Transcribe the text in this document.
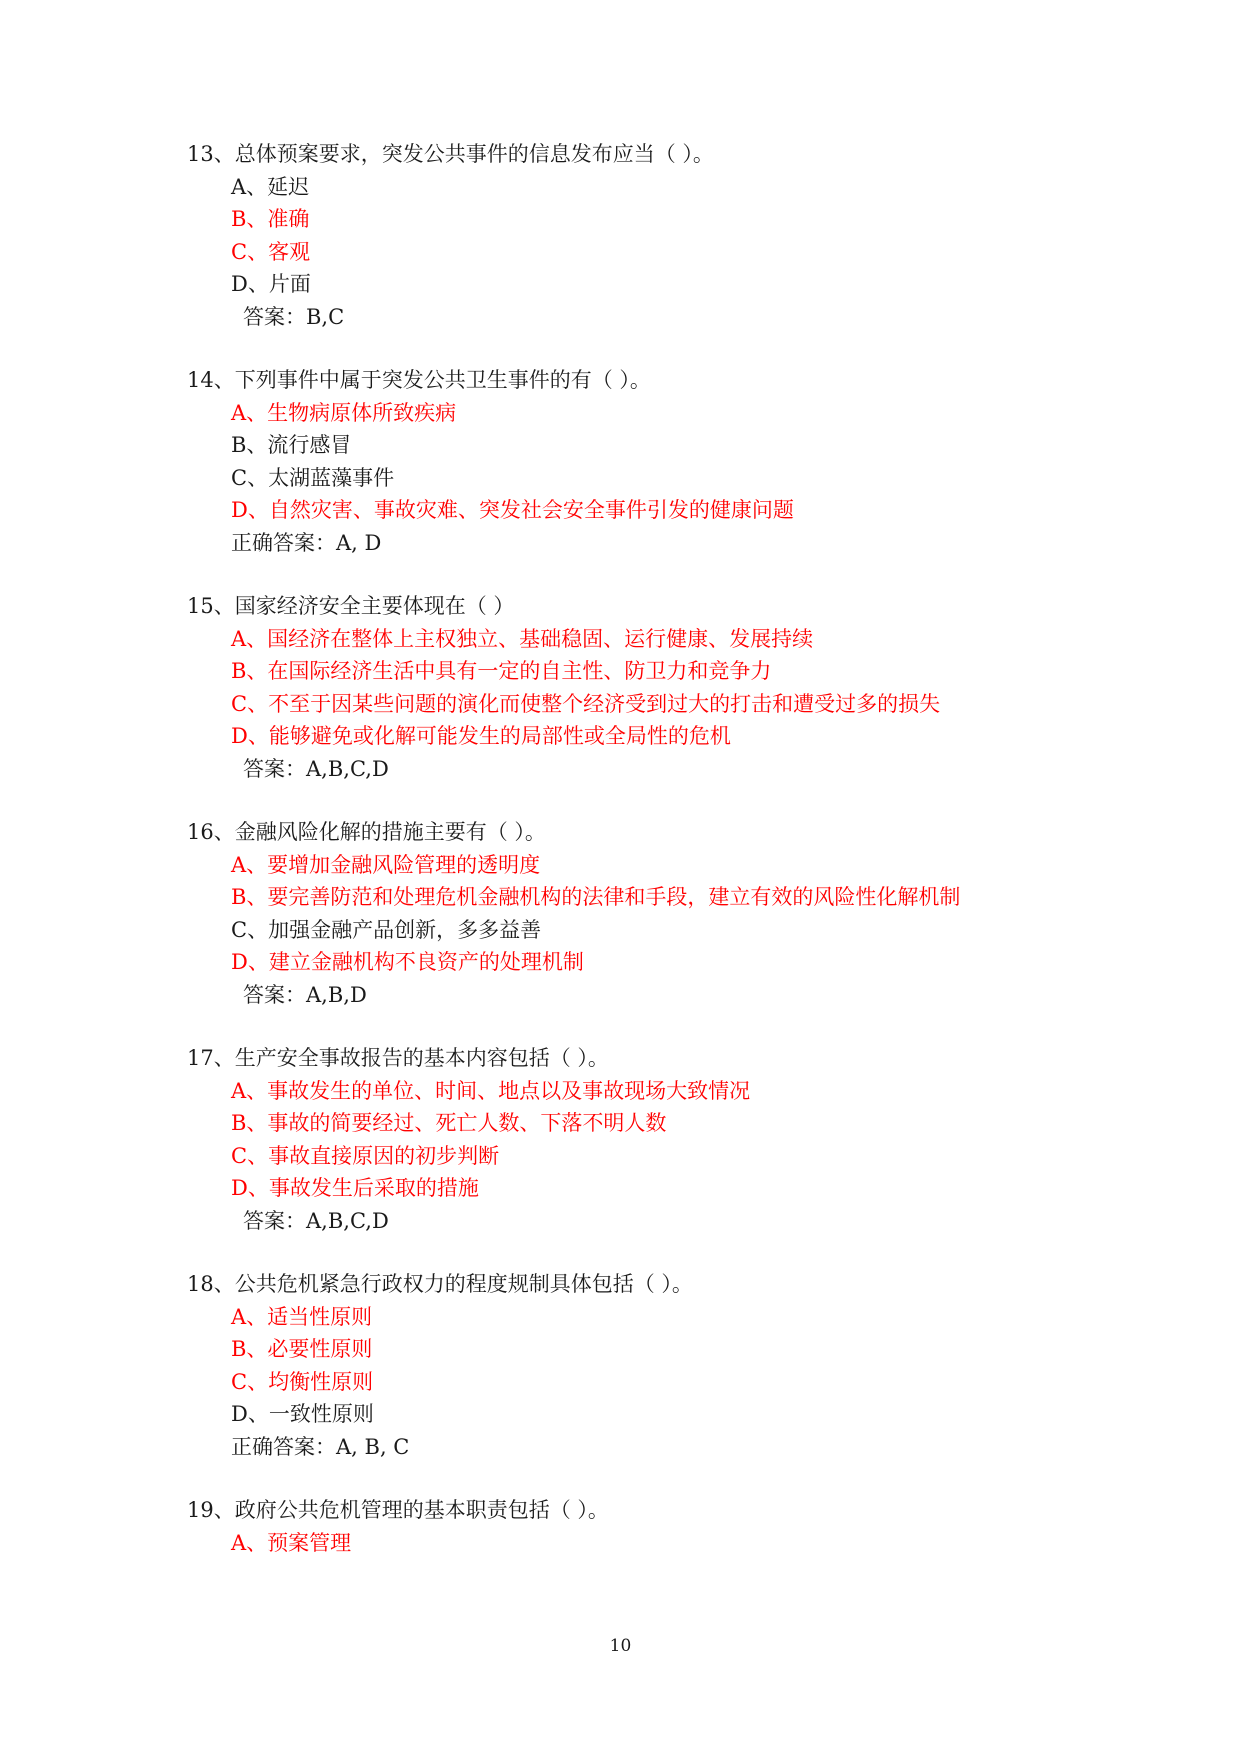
13、总体预案要求，突发公共事件的信息发布应当（ ）。
A、延迟
B、准确
C、客观
D、片面
答案：B,C
14、下列事件中属于突发公共卫生事件的有（ ）。
A、生物病原体所致疾病
B、流行感冒
C、太湖蓝藻事件
D、自然灾害、事故灾难、突发社会安全事件引发的健康问题
正确答案：A, D
15、国家经济安全主要体现在（ ）
A、国经济在整体上主权独立、基础稳固、运行健康、发展持续
B、在国际经济生活中具有一定的自主性、防卫力和竞争力
C、不至于因某些问题的演化而使整个经济受到过大的打击和遭受过多的损失
D、能够避免或化解可能发生的局部性或全局性的危机
答案：A,B,C,D
16、金融风险化解的措施主要有（ ）。
A、要增加金融风险管理的透明度
B、要完善防范和处理危机金融机构的法律和手段，建立有效的风险性化解机制
C、加强金融产品创新，多多益善
D、建立金融机构不良资产的处理机制
答案：A,B,D
17、生产安全事故报告的基本内容包括（ ）。
A、事故发生的单位、时间、地点以及事故现场大致情况
B、事故的简要经过、死亡人数、下落不明人数
C、事故直接原因的初步判断
D、事故发生后采取的措施
答案：A,B,C,D
18、公共危机紧急行政权力的程度规制具体包括（ ）。
A、适当性原则
B、必要性原则
C、均衡性原则
D、一致性原则
正确答案：A, B, C
19、政府公共危机管理的基本职责包括（ ）。
A、预案管理
10
